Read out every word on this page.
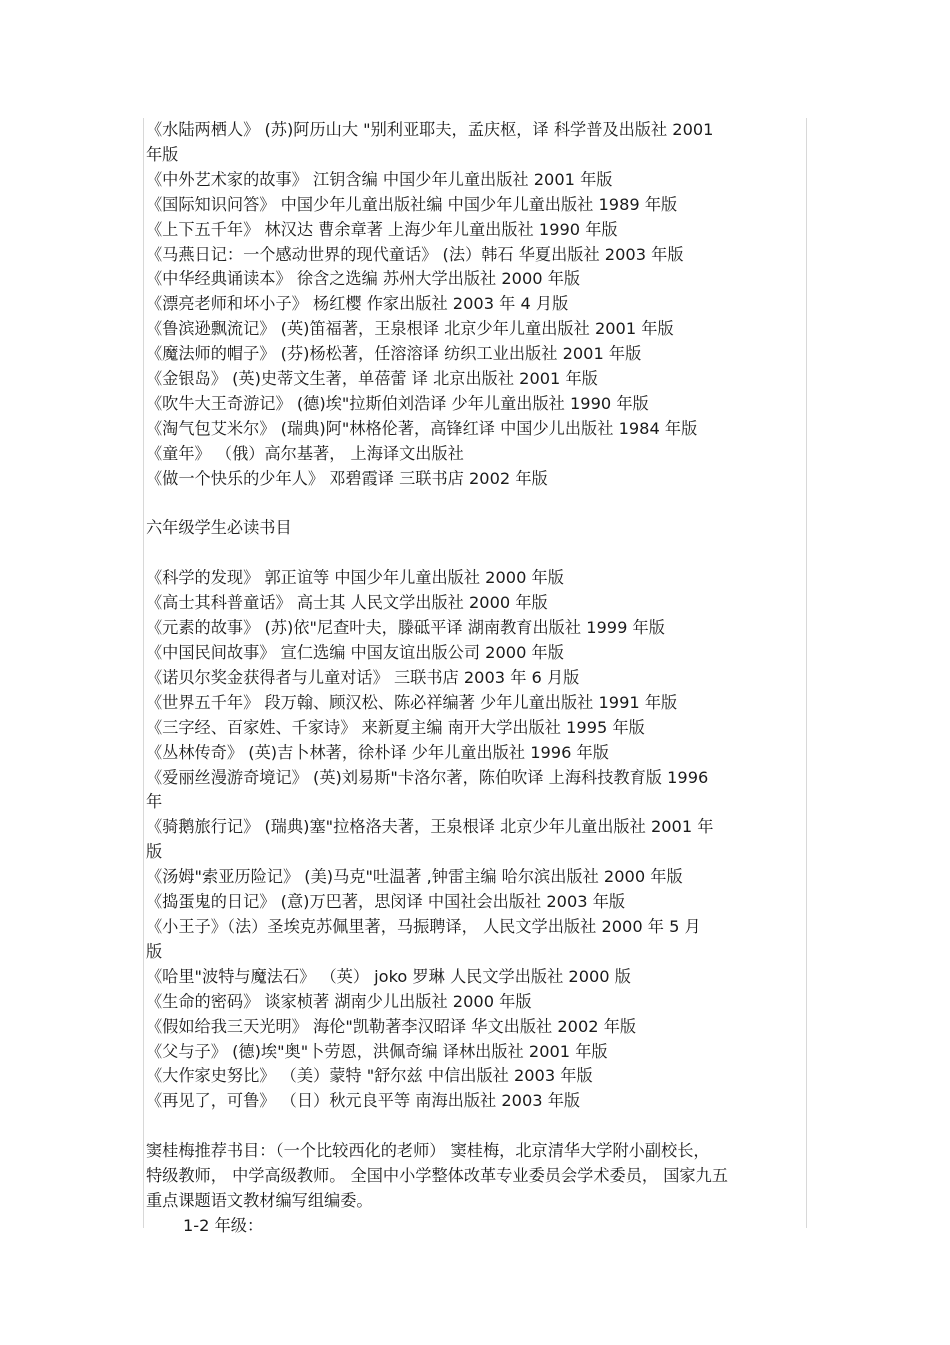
《水陆两栖人》 (苏)阿历山大 "别利亚耶夫，孟庆枢，译 科学普及出版社 2001
年版
《中外艺术家的故事》 江钥含编 中国少年儿童出版社 2001 年版
《国际知识问答》 中国少年儿童出版社编 中国少年儿童出版社 1989 年版
《上下五千年》 林汉达 曹余章著 上海少年儿童出版社 1990 年版
《马燕日记：一个感动世界的现代童话》 (法）韩石 华夏出版社 2003 年版
《中华经典诵读本》 徐含之选编 苏州大学出版社 2000 年版
《漂亮老师和坏小子》 杨红樱 作家出版社 2003 年 4 月版
《鲁滨逊飘流记》 (英)笛福著，王泉根译 北京少年儿童出版社 2001 年版
《魔法师的帽子》 (芬)杨松著，任溶溶译 纺织工业出版社 2001 年版
《金银岛》 (英)史蒂文生著，单蓓蕾 译 北京出版社 2001 年版
《吹牛大王奇游记》 (德)埃"拉斯伯刘浩译 少年儿童出版社 1990 年版
《淘气包艾米尔》 (瑞典)阿"林格伦著，高锋红译 中国少儿出版社 1984 年版
《童年》 （俄）高尔基著， 上海译文出版社
《做一个快乐的少年人》 邓碧霞译 三联书店 2002 年版
六年级学生必读书目
《科学的发现》 郭正谊等 中国少年儿童出版社 2000 年版
《高士其科普童话》 高士其 人民文学出版社 2000 年版
《元素的故事》 (苏)依"尼查叶夫，滕砥平译 湖南教育出版社 1999 年版
《中国民间故事》 宣仁选编 中国友谊出版公司 2000 年版
《诺贝尔奖金获得者与儿童对话》 三联书店 2003 年 6 月版
《世界五千年》 段万翰、顾汉松、陈必祥编著 少年儿童出版社 1991 年版
《三字经、百家姓、千家诗》 来新夏主编 南开大学出版社 1995 年版
《丛林传奇》 (英)吉卜林著，徐朴译 少年儿童出版社 1996 年版
《爱丽丝漫游奇境记》 (英)刘易斯"卡洛尔著，陈伯吹译 上海科技教育版 1996
年
《骑鹅旅行记》 (瑞典)塞"拉格洛夫著，王泉根译 北京少年儿童出版社 2001 年
版
《汤姆"索亚历险记》 (美)马克"吐温著 ,钟雷主编 哈尔滨出版社 2000 年版
《捣蛋鬼的日记》 (意)万巴著，思闵译 中国社会出版社 2003 年版
《小王子》（法）圣埃克苏佩里著，马振聘译， 人民文学出版社 2000 年 5 月
版
《哈里"波特与魔法石》 （英） joko 罗琳 人民文学出版社 2000 版
《生命的密码》 谈家桢著 湖南少儿出版社 2000 年版
《假如给我三天光明》 海伦"凯勒著李汉昭译 华文出版社 2002 年版
《父与子》 (德)埃"奥"卜劳恩，洪佩奇编 译林出版社 2001 年版
《大作家史努比》 （美）蒙特 "舒尔兹 中信出版社 2003 年版
《再见了，可鲁》 （日）秋元良平等 南海出版社 2003 年版
窦桂梅推荐书目：（一个比较西化的老师） 窦桂梅，北京清华大学附小副校长，
特级教师， 中学高级教师。 全国中小学整体改革专业委员会学术委员， 国家九五
重点课题语文教材编写组编委。
1-2 年级：
